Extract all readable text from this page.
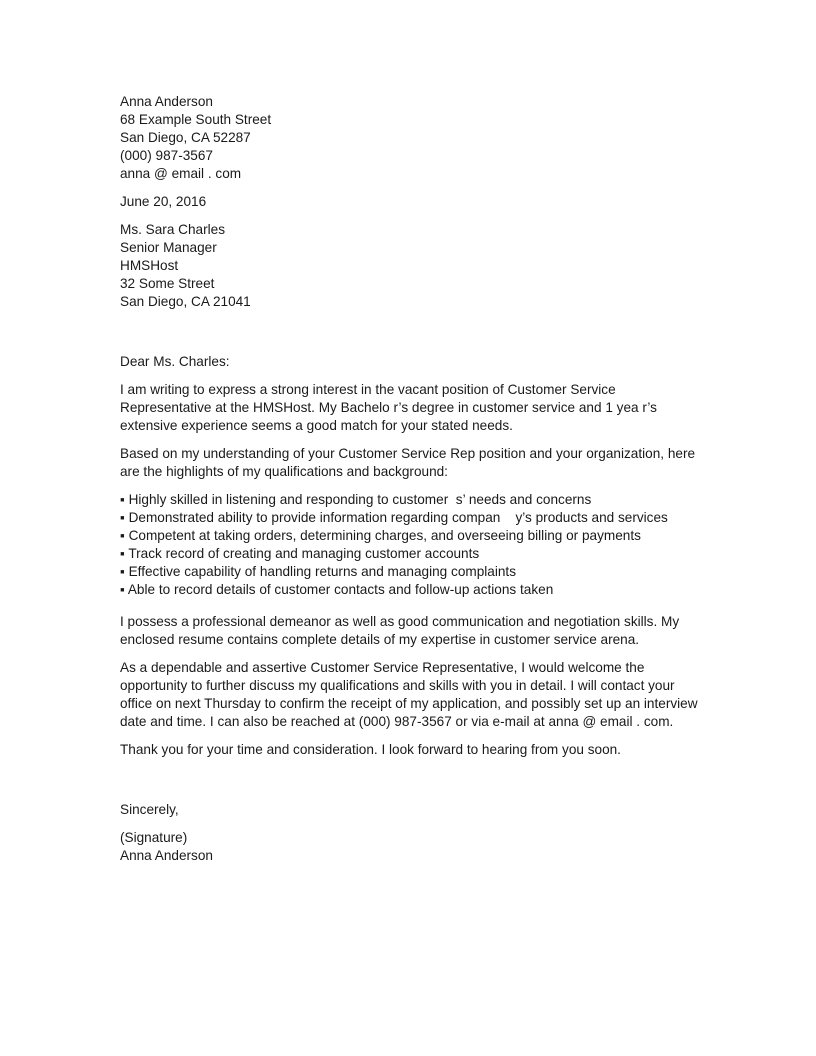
Anna Anderson
68 Example South Street
San Diego, CA 52287
(000) 987-3567
anna @ email . com
June 20, 2016
Ms. Sara Charles
Senior Manager
HMSHost
32 Some Street
San Diego, CA 21041
Dear Ms. Charles:
I am writing to express a strong interest in the vacant position of Customer Service
Representative at the HMSHost. My Bachelo r’s degree in customer service and 1 yea r’s
extensive experience seems a good match for your stated needs.
Based on my understanding of your Customer Service Rep position and your organization, here
are the highlights of my qualifications and background:
▪ Highly skilled in listening and responding to customer  s’ needs and concerns
▪ Demonstrated ability to provide information regarding compan    y’s products and services
▪ Competent at taking orders, determining charges, and overseeing billing or payments
▪ Track record of creating and managing customer accounts
▪ Effective capability of handling returns and managing complaints
▪ Able to record details of customer contacts and follow-up actions taken
I possess a professional demeanor as well as good communication and negotiation skills. My
enclosed resume contains complete details of my expertise in customer service arena.
As a dependable and assertive Customer Service Representative, I would welcome the
opportunity to further discuss my qualifications and skills with you in detail. I will contact your
office on next Thursday to confirm the receipt of my application, and possibly set up an interview
date and time. I can also be reached at (000) 987-3567 or via e-mail at anna @ email . com.
Thank you for your time and consideration. I look forward to hearing from you soon.
Sincerely,
(Signature)
Anna Anderson
